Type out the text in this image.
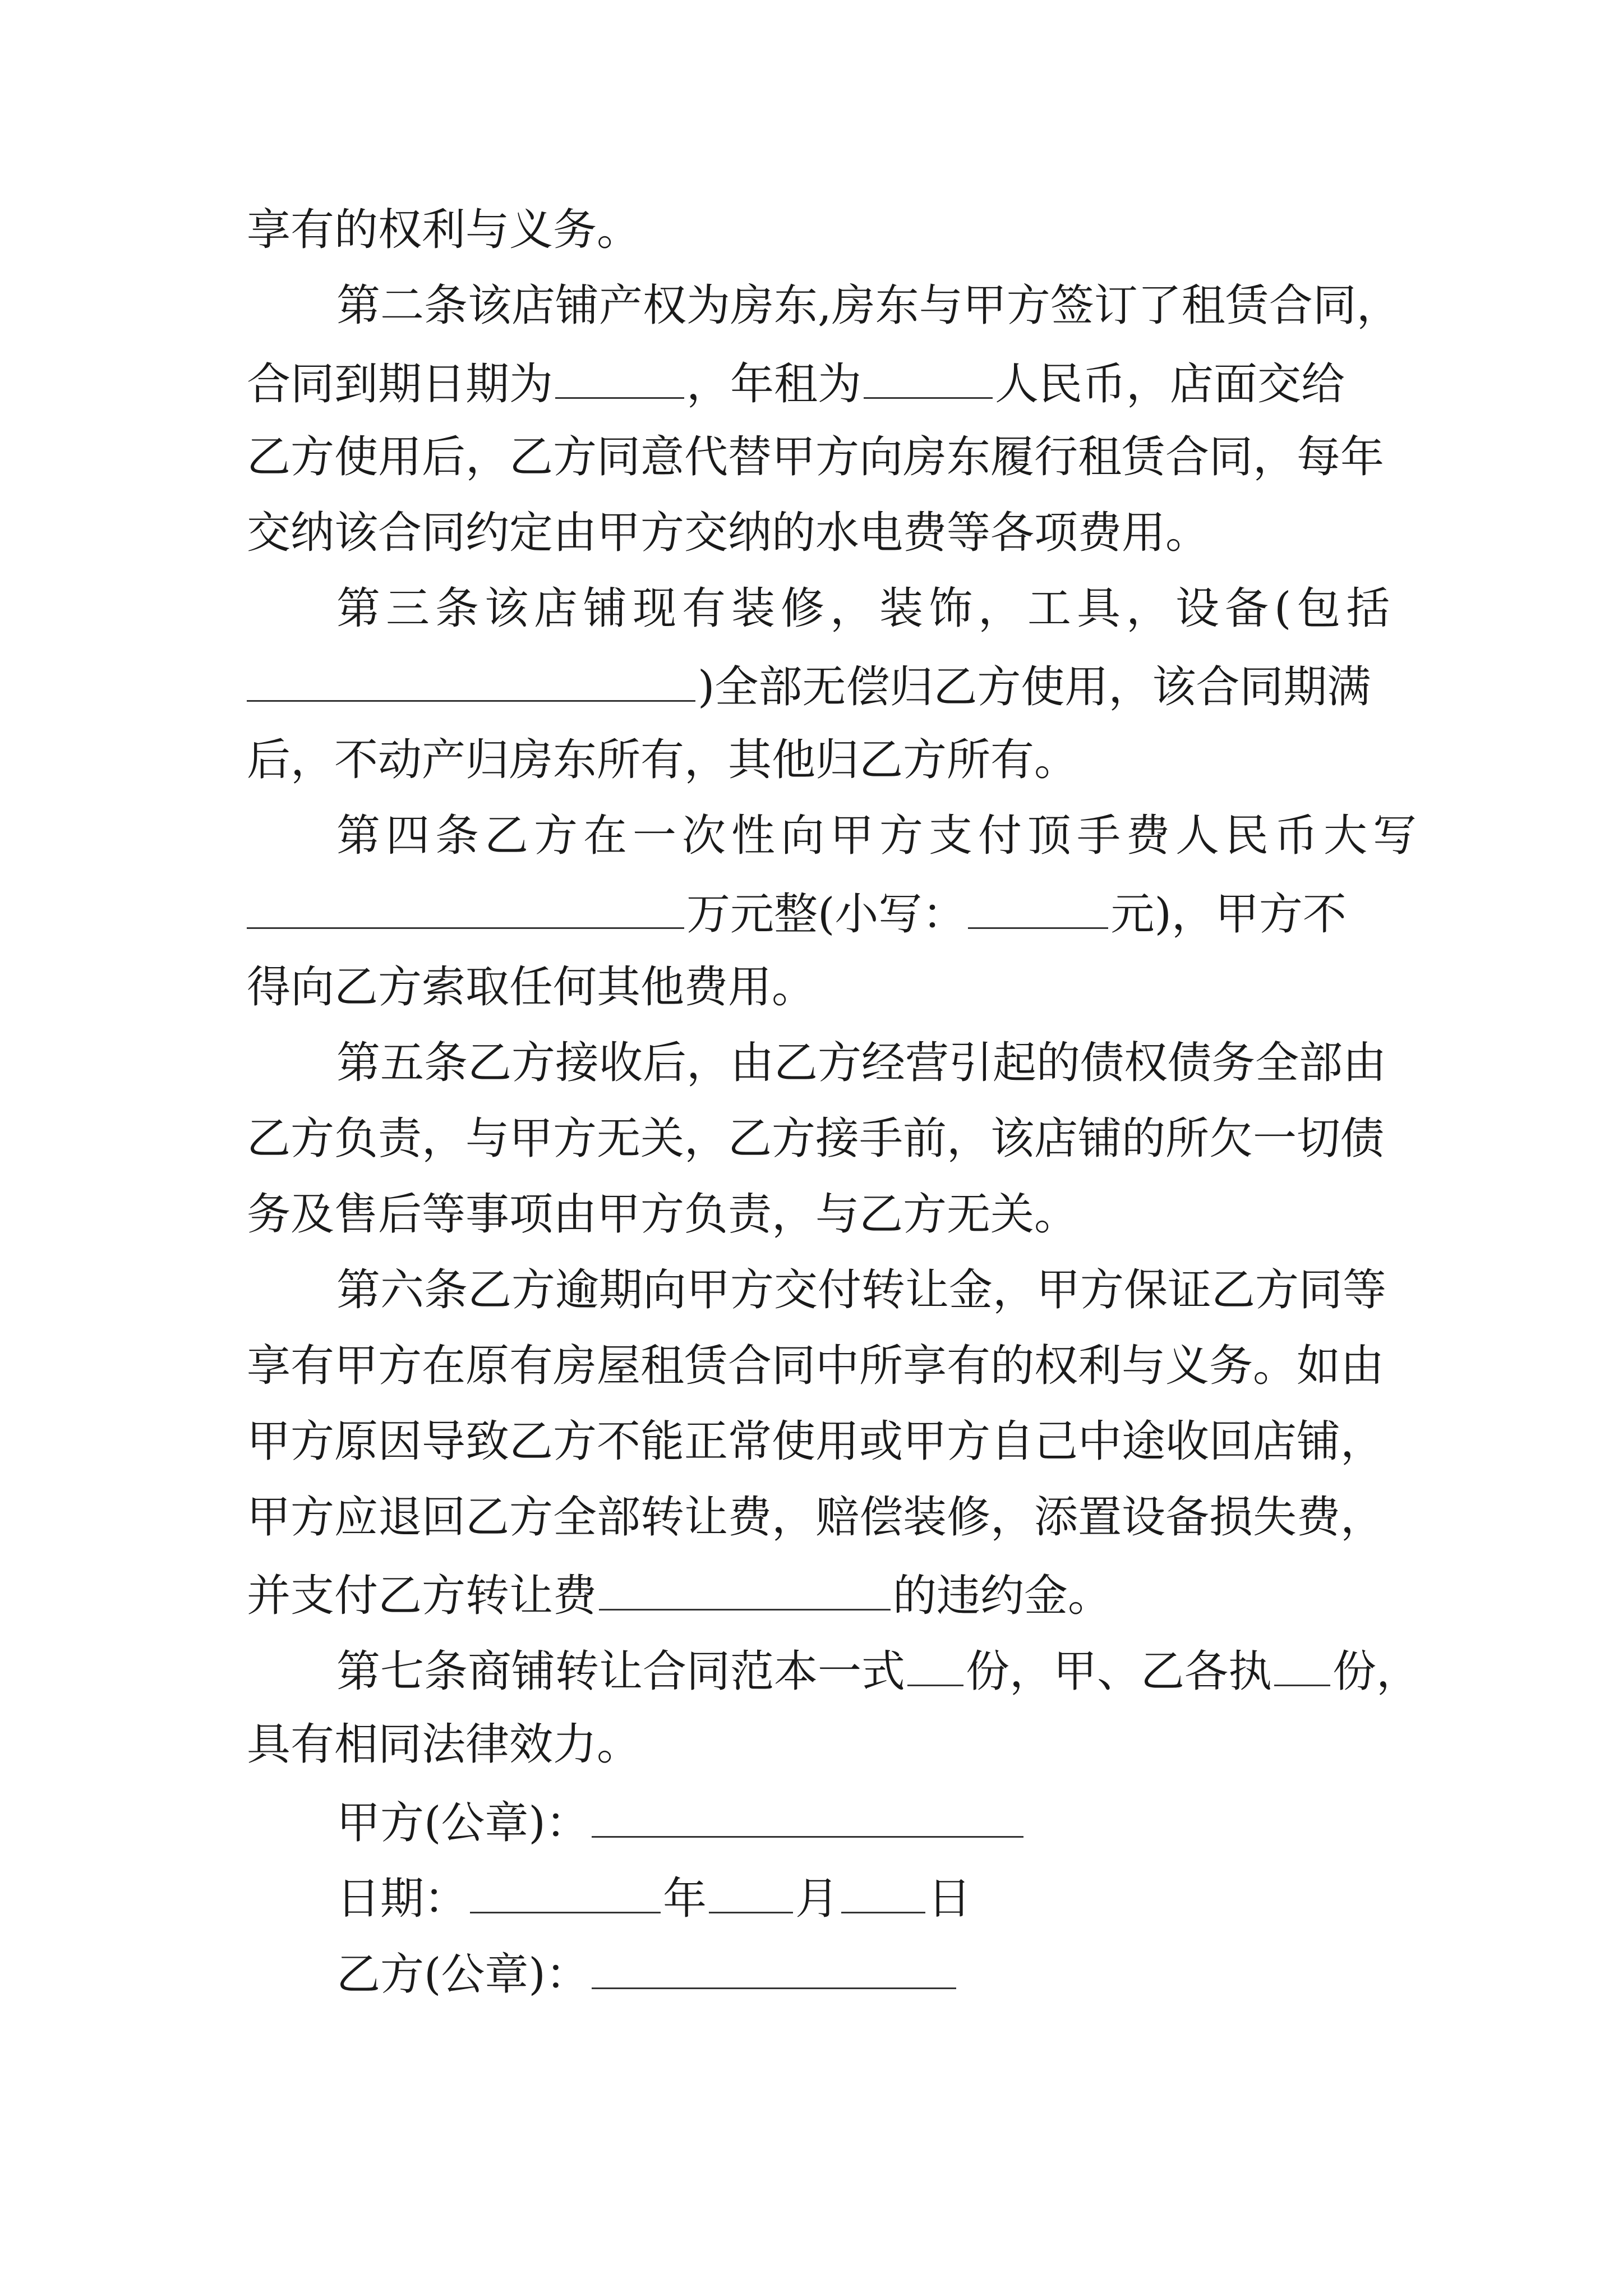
享有的权利与义务。
第二条该店铺产权为房东,房东与甲方签订了租赁合同，
合同到期日期为	，年租为	人民币，店面交给
乙方使用后，乙方同意代替甲方向房东履行租赁合同，每年
交纳该合同约定由甲方交纳的水电费等各项费用。
第三条该店铺现有装修，装饰，工具，设备(包括
)全部无偿归乙方使用，该合同期满
后，不动产归房东所有，其他归乙方所有。
第四条乙方在一次性向甲方支付顶手费人民币大写
万元整(小写：	元)，甲方不
得向乙方索取任何其他费用。
第五条乙方接收后，由乙方经营引起的债权债务全部由
乙方负责，与甲方无关，乙方接手前，该店铺的所欠一切债
务及售后等事项由甲方负责，与乙方无关。
第六条乙方逾期向甲方交付转让金，甲方保证乙方同等
享有甲方在原有房屋租赁合同中所享有的权利与义务。如由
甲方原因导致乙方不能正常使用或甲方自己中途收回店铺，
甲方应退回乙方全部转让费，赔偿装修，添置设备损失费，
并支付乙方转让费	的违约金。
第七条商铺转让合同范本一式 份，甲、乙各执 份，
具有相同法律效力。
甲方(公章)：
日期：	年 月 日
乙方(公章)：
